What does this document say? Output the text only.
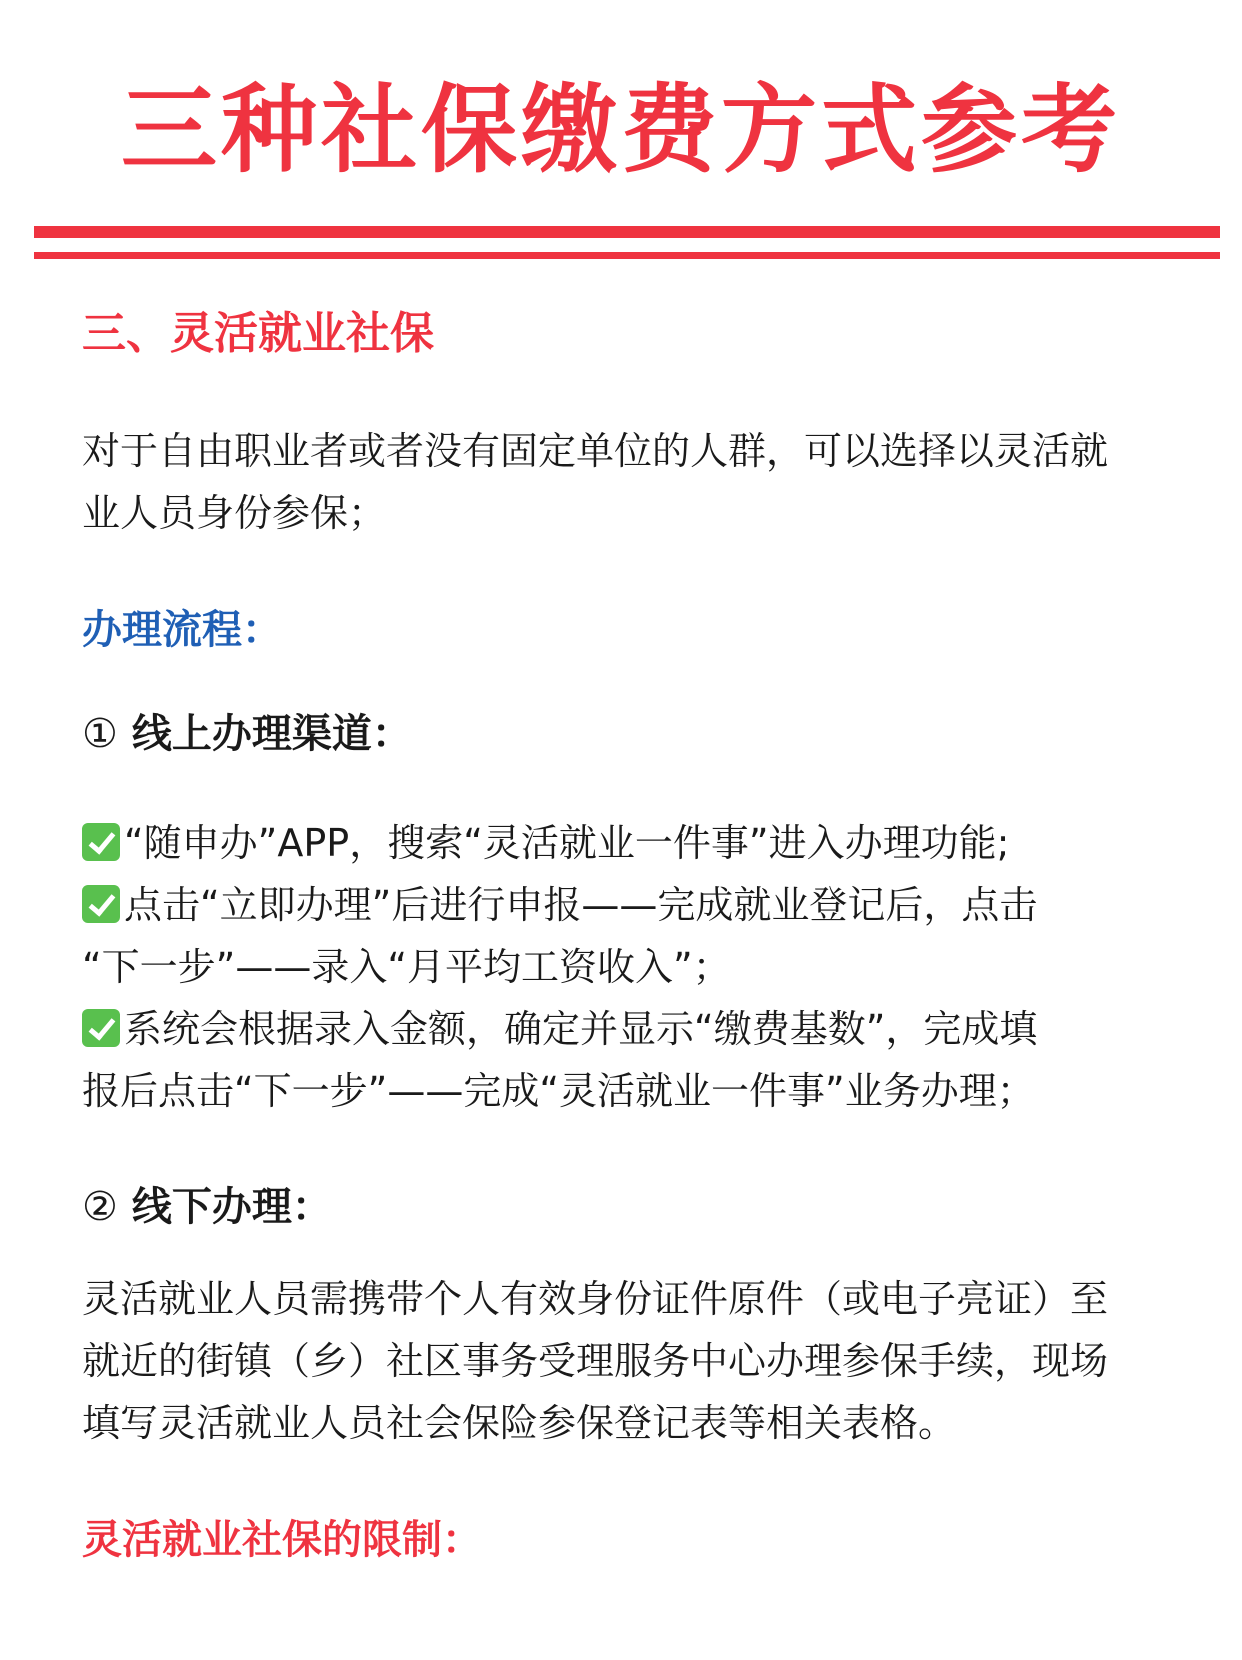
三种社保缴费方式参考
三、灵活就业社保
对于自由职业者或者没有固定单位的人群，可以选择以灵活就
业人员身份参保；
办理流程：
① 线上办理渠道：
“随申办”APP，搜索“灵活就业一件事”进入办理功能;
点击“立即办理”后进行申报——完成就业登记后，点击
“下一步”——录入“月平均工资收入”；
系统会根据录入金额，确定并显示“缴费基数”，完成填
报后点击“下一步”——完成“灵活就业一件事”业务办理；
② 线下办理：
灵活就业人员需携带个人有效身份证件原件（或电子亮证）至
就近的街镇（乡）社区事务受理服务中心办理参保手续，现场
填写灵活就业人员社会保险参保登记表等相关表格。
灵活就业社保的限制：
